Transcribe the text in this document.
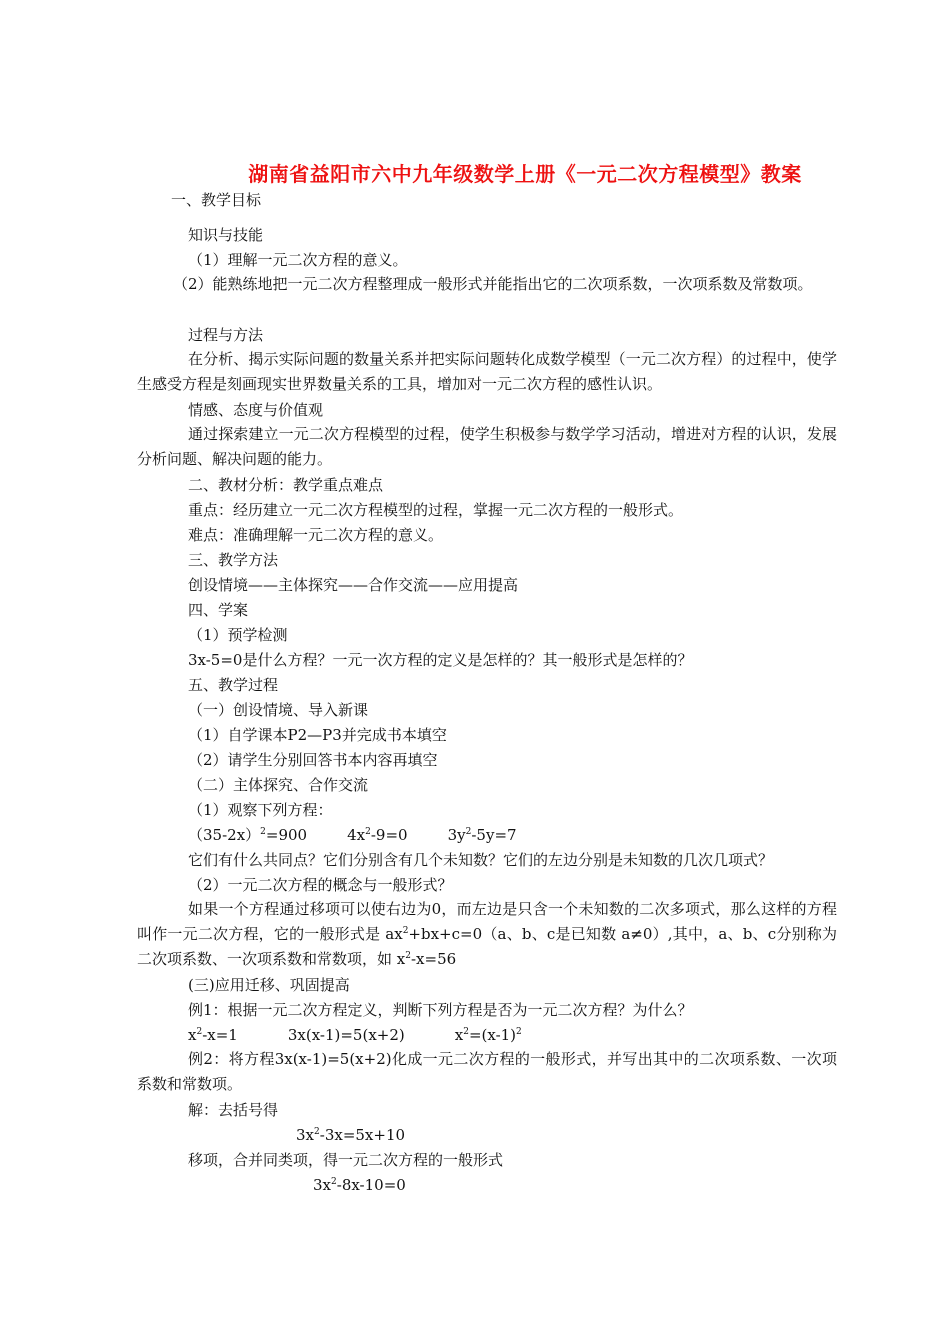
湖南省益阳市六中九年级数学上册《一元二次方程模型》教案
一、教学目标
知识与技能
（1）理解一元二次方程的意义。
（2）能熟练地把一元二次方程整理成一般形式并能指出它的二次项系数，一次项系数及常数项。
过程与方法
在分析、揭示实际问题的数量关系并把实际问题转化成数学模型（一元二次方程）的过程中，使学生感受方程是刻画现实世界数量关系的工具，增加对一元二次方程的感性认识。
情感、态度与价值观
通过探索建立一元二次方程模型的过程，使学生积极参与数学学习活动，增进对方程的认识，发展分析问题、解决问题的能力。
二、教材分析：教学重点难点
重点：经历建立一元二次方程模型的过程，掌握一元二次方程的一般形式。
难点：准确理解一元二次方程的意义。
三、教学方法
创设情境——主体探究——合作交流——应用提高
四、学案
（1）预学检测
3x-5=0是什么方程？一元一次方程的定义是怎样的？其一般形式是怎样的？
五、教学过程
（一）创设情境、导入新课
（1）自学课本P2—P3并完成书本填空
（2）请学生分别回答书本内容再填空
（二）主体探究、合作交流
（1）观察下列方程：
$(35-2x)^2=900$	$4x^2-9=0$	$3y^2-5y=7$
它们有什么共同点？它们分别含有几个未知数？它们的左边分别是未知数的几次几项式？
（2）一元二次方程的概念与一般形式？
如果一个方程通过移项可以使右边为0，而左边是只含一个未知数的二次多项式，那么这样的方程叫作一元二次方程，它的一般形式是 $ax^2+bx+c=0(a$、b、c是已知数 a≠0）,其中，a、b、c分别称为二次项系数、一次项系数和常数项，如 $x^2-x=56$
(三)应用迁移、巩固提高
例1：根据一元二次方程定义，判断下列方程是否为一元二次方程？为什么？
$x^2-x=1$	3x(x-1)=5(x+2)	$x^2=(x-1)^2$
例2：将方程3x(x-1)=5(x+2)化成一元二次方程的一般形式，并写出其中的二次项系数、一次项系数和常数项。
解：去括号得
$3x^2-3x=5x+10$
移项，合并同类项，得一元二次方程的一般形式
$3x^2-8x-10=0$
